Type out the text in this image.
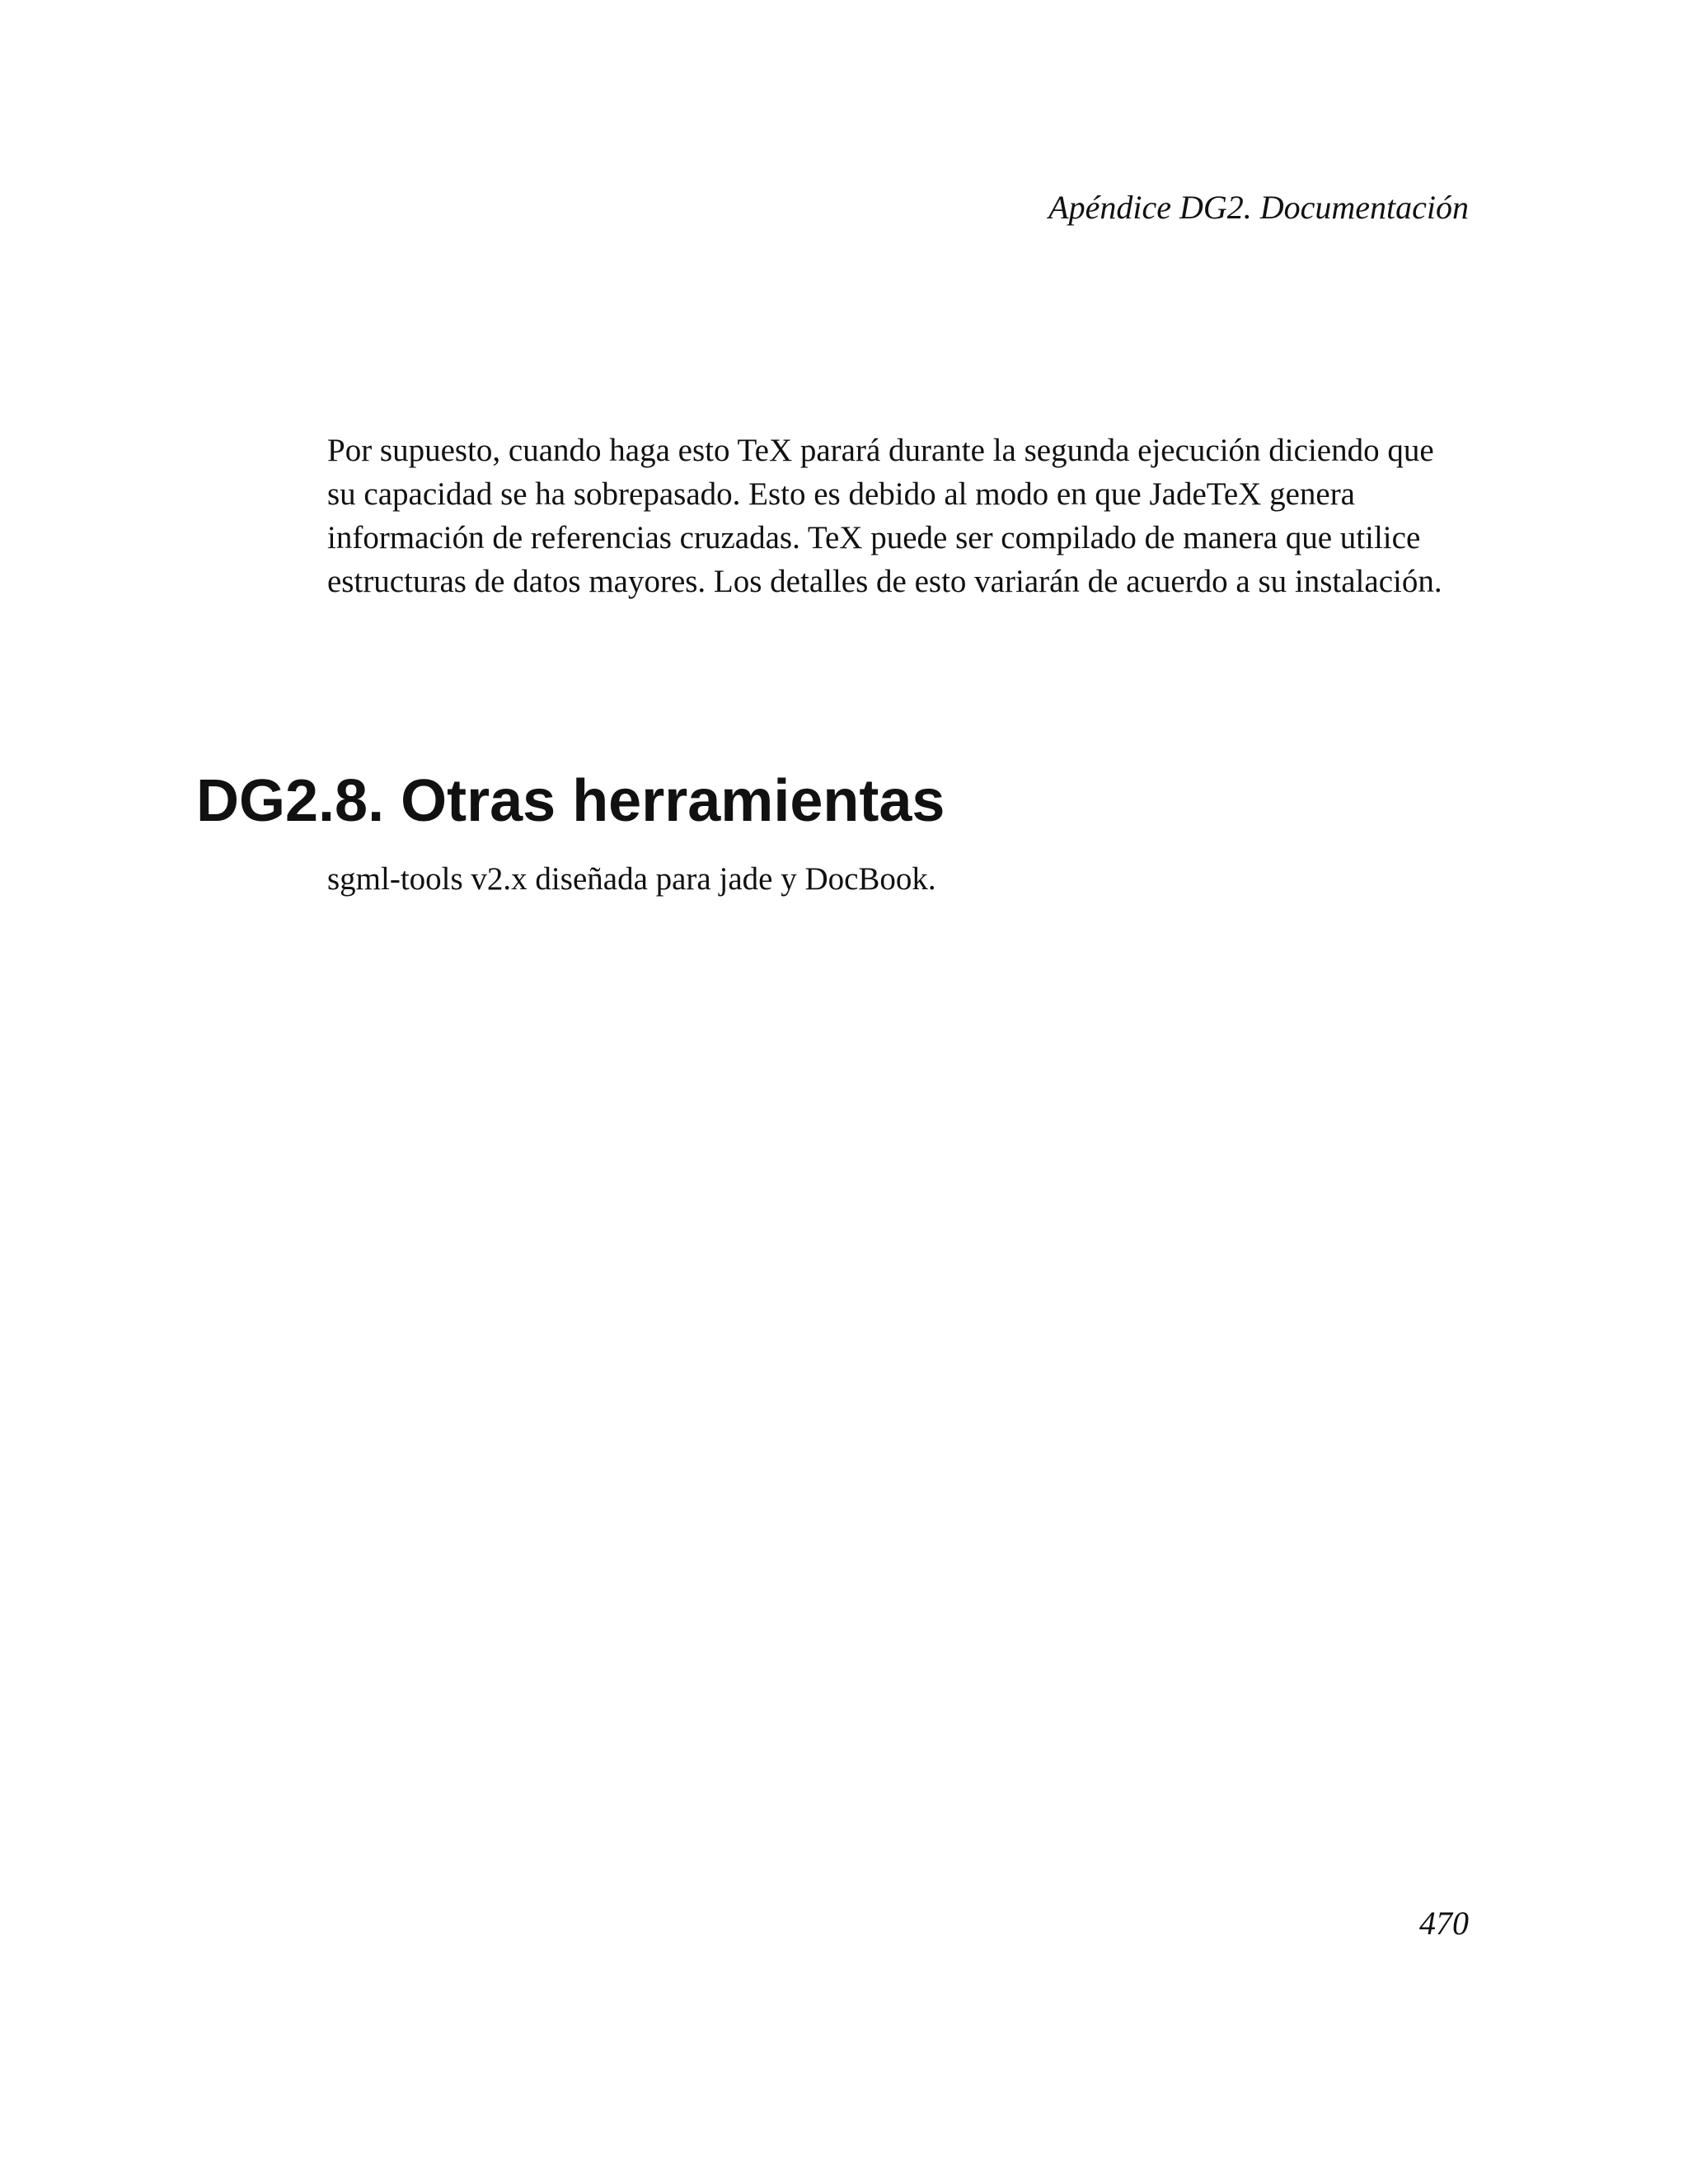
Apéndice DG2. Documentación
Por supuesto, cuando haga esto TeX parará durante la segunda ejecución diciendo que
su capacidad se ha sobrepasado. Esto es debido al modo en que JadeTeX genera
información de referencias cruzadas. TeX puede ser compilado de manera que utilice
estructuras de datos mayores. Los detalles de esto variarán de acuerdo a su instalación.
DG2.8. Otras herramientas

sgml-tools v2.x diseñada para jade y DocBook.

470
